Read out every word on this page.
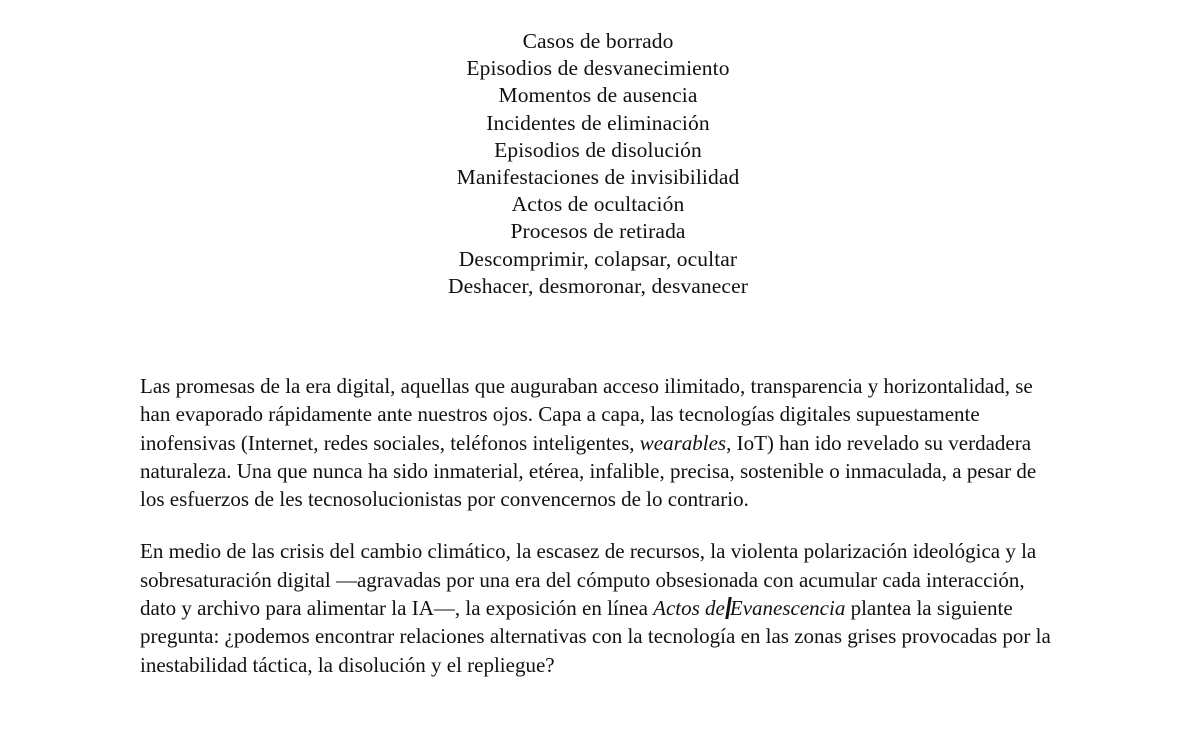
Casos de borrado
Episodios de desvanecimiento
Momentos de ausencia
Incidentes de eliminación
Episodios de disolución
Manifestaciones de invisibilidad
Actos de ocultación
Procesos de retirada
Descomprimir, colapsar, ocultar
Deshacer, desmoronar, desvanecer

Las promesas de la era digital, aquellas que auguraban acceso ilimitado, transparencia y horizontalidad, se han evaporado rápidamente ante nuestros ojos. Capa a capa, las tecnologías digitales supuestamente inofensivas (Internet, redes sociales, teléfonos inteligentes, wearables, IoT) han ido revelado su verdadera naturaleza. Una que nunca ha sido inmaterial, etérea, infalible, precisa, sostenible o inmaculada, a pesar de los esfuerzos de les tecnosolucionistas por convencernos de lo contrario.

En medio de las crisis del cambio climático, la escasez de recursos, la violenta polarización ideológica y la sobresaturación digital —agravadas por una era del cómputo obsesionada con acumular cada interacción, dato y archivo para alimentar la IA—, la exposición en línea Actos de Evanescencia plantea la siguiente pregunta: ¿podemos encontrar relaciones alternativas con la tecnología en las zonas grises provocadas por la inestabilidad táctica, la disolución y el repliegue?
